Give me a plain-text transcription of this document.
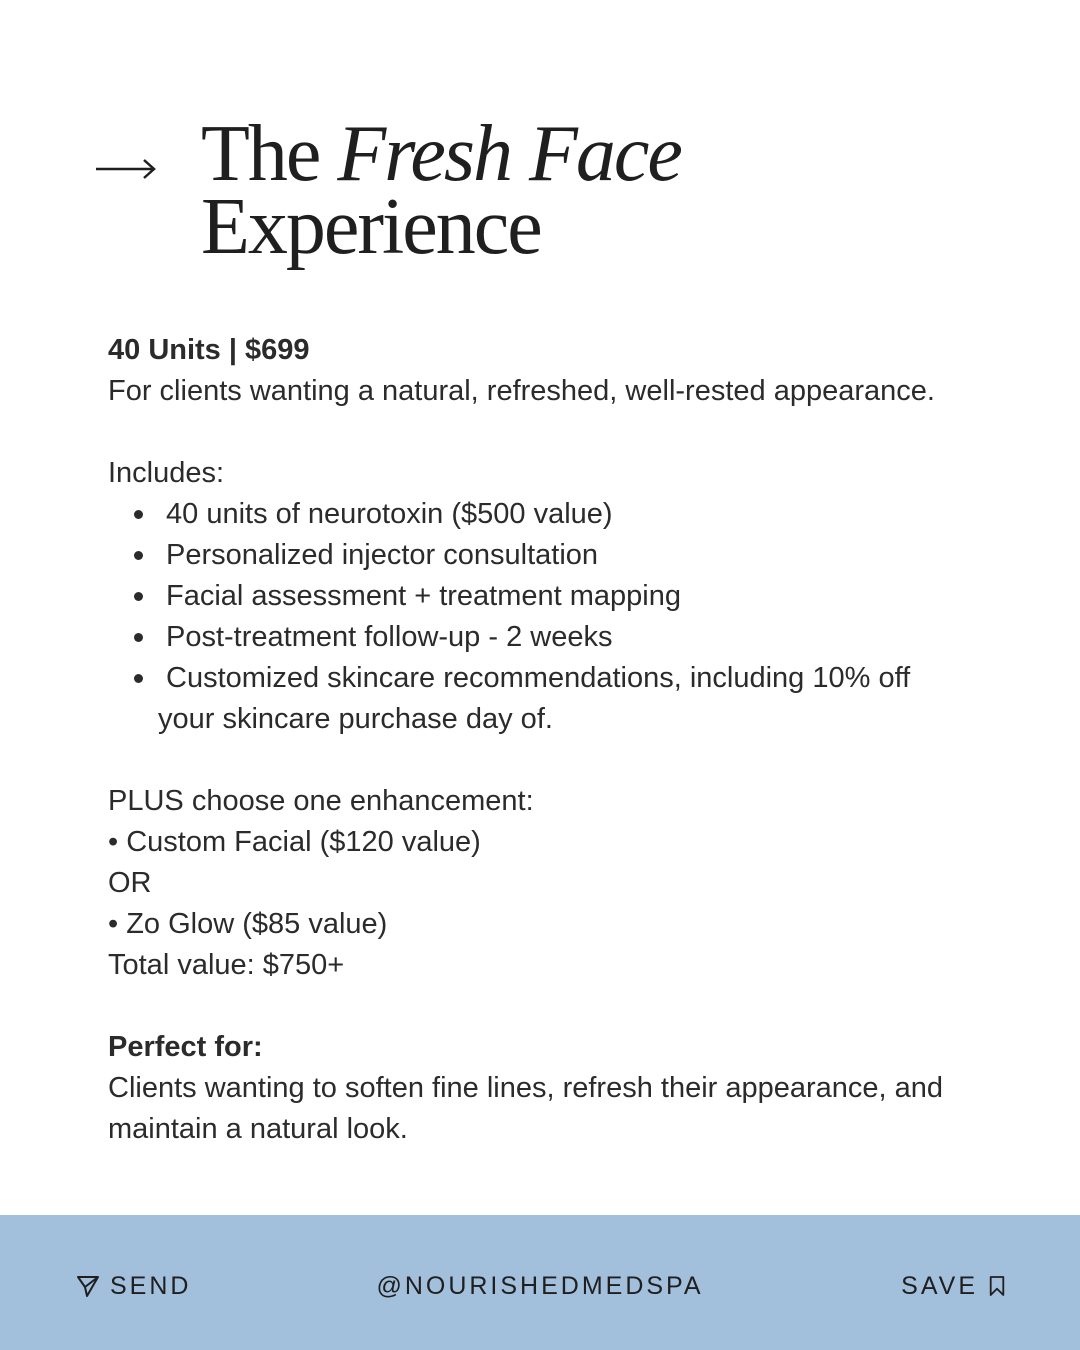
The Fresh Face
Experience

40 Units | $699

For clients wanting a natural, refreshed, well-rested appearance.

Includes:

40 units of neurotoxin ($500 value)
Personalized injector consultation
Facial assessment + treatment mapping
Post-treatment follow-up - 2 weeks
Customized skincare recommendations, including 10% off
your skincare purchase day of.

PLUS choose one enhancement:

• Custom Facial ($120 value)

OR

• Zo Glow ($85 value)

Total value: $750+

Perfect for:

Clients wanting to soften fine lines, refresh their appearance, and

maintain a natural look.

SEND	@NOURISHEDMEDSPA	SAVE
